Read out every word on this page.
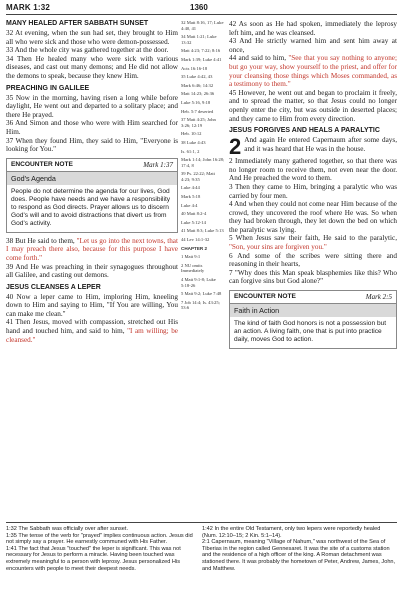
MARK 1:32	1360
MANY HEALED AFTER SABBATH SUNSET

32 At evening, when the sun had set, they brought to Him all who were sick and those who were demon-possessed.

33 And the whole city was gathered together at the door.

34 Then He healed many who were sick with various diseases, and cast out many demons; and He did not allow the demons to speak, because they knew Him.

PREACHING IN GALILEE

35 Now in the morning, having risen a long while before daylight, He went out and departed to a solitary place; and there He prayed.

36 And Simon and those who were with Him searched for Him.

37 When they found Him, they said to Him, "Everyone is looking for You."

ENCOUNTER NOTE	Mark 1:37
God's Agenda
People do not determine the agenda for our lives, God does. People have needs and we have a responsibility to respond as God directs. Prayer allows us to discern God's will and to avoid distractions that divert us from God's activity.

38 But He said to them, "Let us go into the next towns, that I may preach there also, because for this purpose I have come forth."

39 And He was preaching in their synagogues throughout all Galilee, and casting out demons.

JESUS CLEANSES A LEPER

40 Now a leper came to Him, imploring Him, kneeling down to Him and saying to Him, "If You are willing, You can make me clean."

41 Then Jesus, moved with compassion, stretched out His hand and touched him, and said to him, "I am willing; be cleansed."

32 Matt 8:16, 17; Luke 4:40, 41
34 Matt 1:21; Luke 13:32
Matt 4:23; 7:22; 8:16
Mark 1:39; Luke 4:41
Acts 16:16-18
35 Luke 4:42, 43
Mark 6:46; 14:32
Matt 14:23; 26:36
Luke 5:16, 9:18
Heb. 5:7 deserted
37 Matt 4:25; John 3:26; 12:19
Heb. 10:12
38 Luke 4:43
Is. 61:1, 2
Mark 1:14; John 16:28; 17:4, 8
39 Ps. 22:22; Matt 4:23; 9:35
Luke 4:44
Mark 5:18
Luke 4:4
40 Matt 8:2-4
Luke 5:12-14
41 Matt 8:3; Luke 5:13
44 Lev 14:1-32
CHAPTER 2
1 Matt 9:1
2 NU omits Immediately
4 Matt 9:1-8; Luke 5:18-26
5 Matt 9:2; Luke 7:48
7 Job 14:4; Is. 43:25; 53:6

42 As soon as He had spoken, immediately the leprosy left him, and he was cleansed.

43 And He strictly warned him and sent him away at once,

44 and said to him, "See that you say nothing to anyone; but go your way, show yourself to the priest, and offer for your cleansing those things which Moses commanded, as a testimony to them."

45 However, he went out and began to proclaim it freely, and to spread the matter, so that Jesus could no longer openly enter the city, but was outside in deserted places; and they came to Him from every direction.

JESUS FORGIVES AND HEALS A PARALYTIC

2 And again He entered Capernaum after some days, and it was heard that He was in the house.

2 Immediately many gathered together, so that there was no longer room to receive them, not even near the door. And He preached the word to them.

3 Then they came to Him, bringing a paralytic who was carried by four men.

4 And when they could not come near Him because of the crowd, they uncovered the roof where He was. So when they had broken through, they let down the bed on which the paralytic was lying.

5 When Jesus saw their faith, He said to the paralytic, "Son, your sins are forgiven you."

6 And some of the scribes were sitting there and reasoning in their hearts,

7 "Why does this Man speak blasphemies like this? Who can forgive sins but God alone?"

ENCOUNTER NOTE	Mark 2:5
Faith in Action
The kind of faith God honors is not a possession but an action. A living faith, one that is put into practice daily, moves God to action.

1:32 The Sabbath was officially over after sunset.

1:35 The tense of the verb for "prayed" implies continuous action. Jesus did not simply say a prayer. He earnestly communed with His Father.

1:41 The fact that Jesus "touched" the leper is significant. This was not necessary for Jesus to perform a miracle. Having been touched was extremely meaningful to a person with leprosy. Jesus personalized His encounters with people to meet their deepest needs.

1:42 In the entire Old Testament, only two lepers were reportedly healed (Num. 12:10–15; 2 Kin. 5:1–14).

2:1 Capernaum, meaning "Village of Nahum," was northwest of the Sea of Tiberias in the region called Gennesaret. It was the site of a customs station and the residence of a high officer of the king. A Roman detachment was stationed there. It was probably the hometown of Peter, Andrew, James, John, and Matthew.
